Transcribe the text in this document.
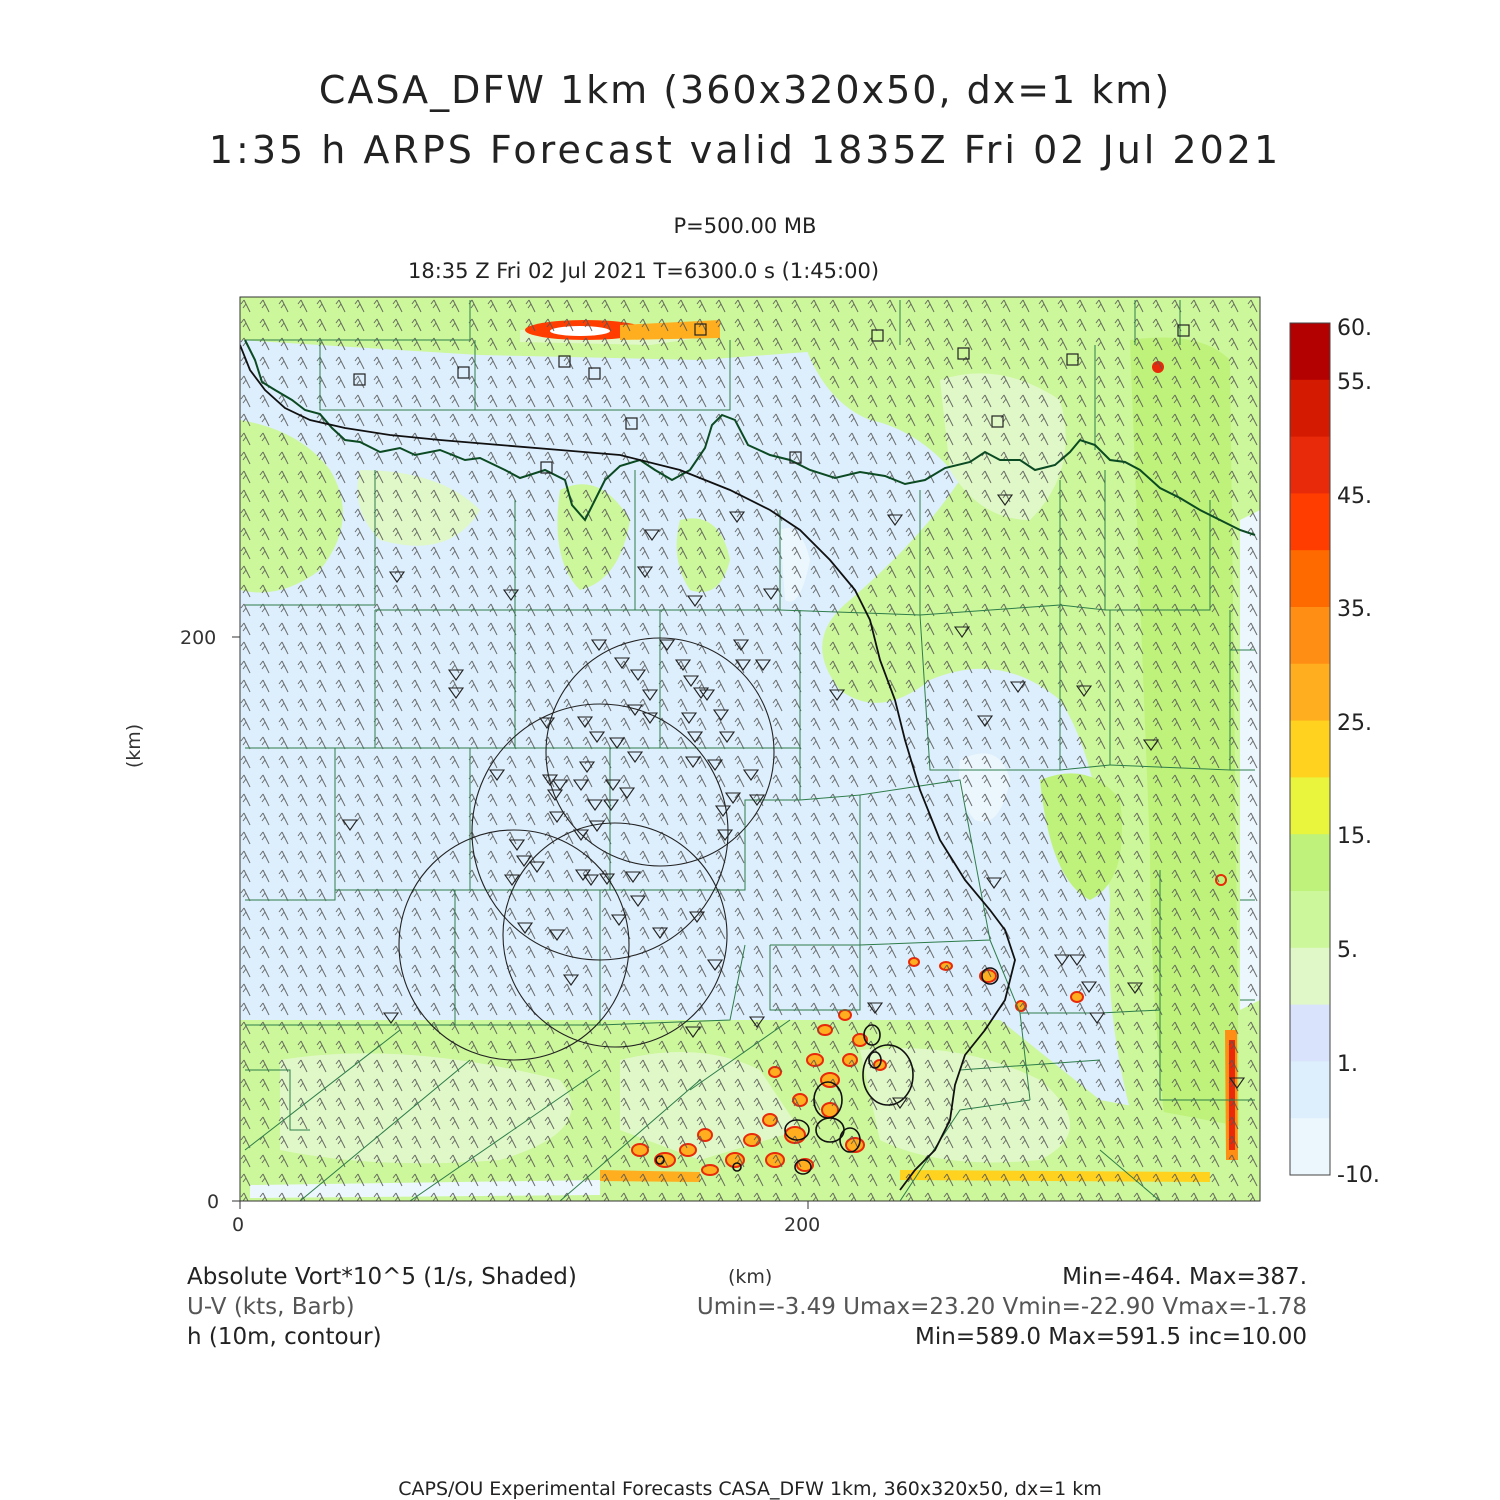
CASA_DFW 1km (360x320x50, dx=1 km)
1:35 h ARPS Forecast valid 1835Z Fri 02 Jul 2021
P=500.00 MB
18:35 Z Fri 02 Jul 2021 T=6300.0 s (1:45:00)
0	200
0
200
(km)
(km)
60.
55.
45.
35.
25.
15.
5.
1.
-10.
Absolute Vort*10^5 (1/s, Shaded)	Min=-464. Max=387.
U-V (kts, Barb)	Umin=-3.49 Umax=23.20 Vmin=-22.90 Vmax=-1.78
h (10m, contour)	Min=589.0 Max=591.5 inc=10.00
CAPS/OU Experimental Forecasts CASA_DFW 1km, 360x320x50, dx=1 km
